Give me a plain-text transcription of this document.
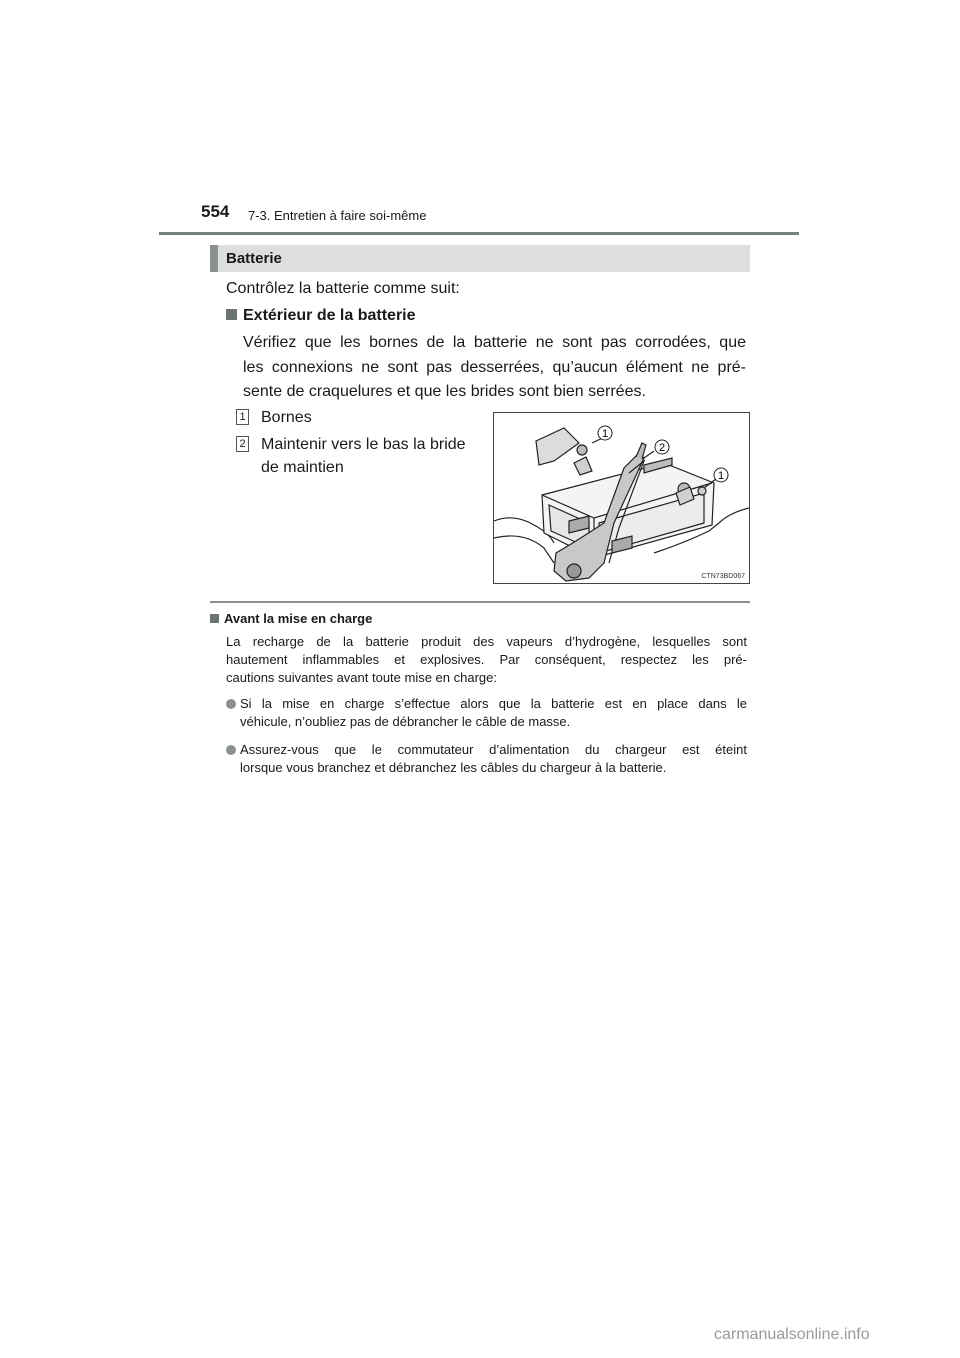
554 7-3. Entretien à faire soi-même
Batterie
Contrôlez la batterie comme suit:
Extérieur de la batterie
Vérifiez que les bornes de la batterie ne sont pas corrodées, que
les connexions ne sont pas desserrées, qu’aucun élément ne pré-
sente de craquelures et que les brides sont bien serrées.
1 Bornes
2 Maintenir vers le bas la bride
de maintien
1
2
1
CTN73BD067
Avant la mise en charge
La recharge de la batterie produit des vapeurs d’hydrogène, lesquelles sont
hautement inflammables et explosives. Par conséquent, respectez les pré-
cautions suivantes avant toute mise en charge:
Si la mise en charge s’effectue alors que la batterie est en place dans le
véhicule, n’oubliez pas de débrancher le câble de masse.
Assurez-vous que le commutateur d’alimentation du chargeur est éteint
lorsque vous branchez et débranchez les câbles du chargeur à la batterie.
carmanualsonline.info
